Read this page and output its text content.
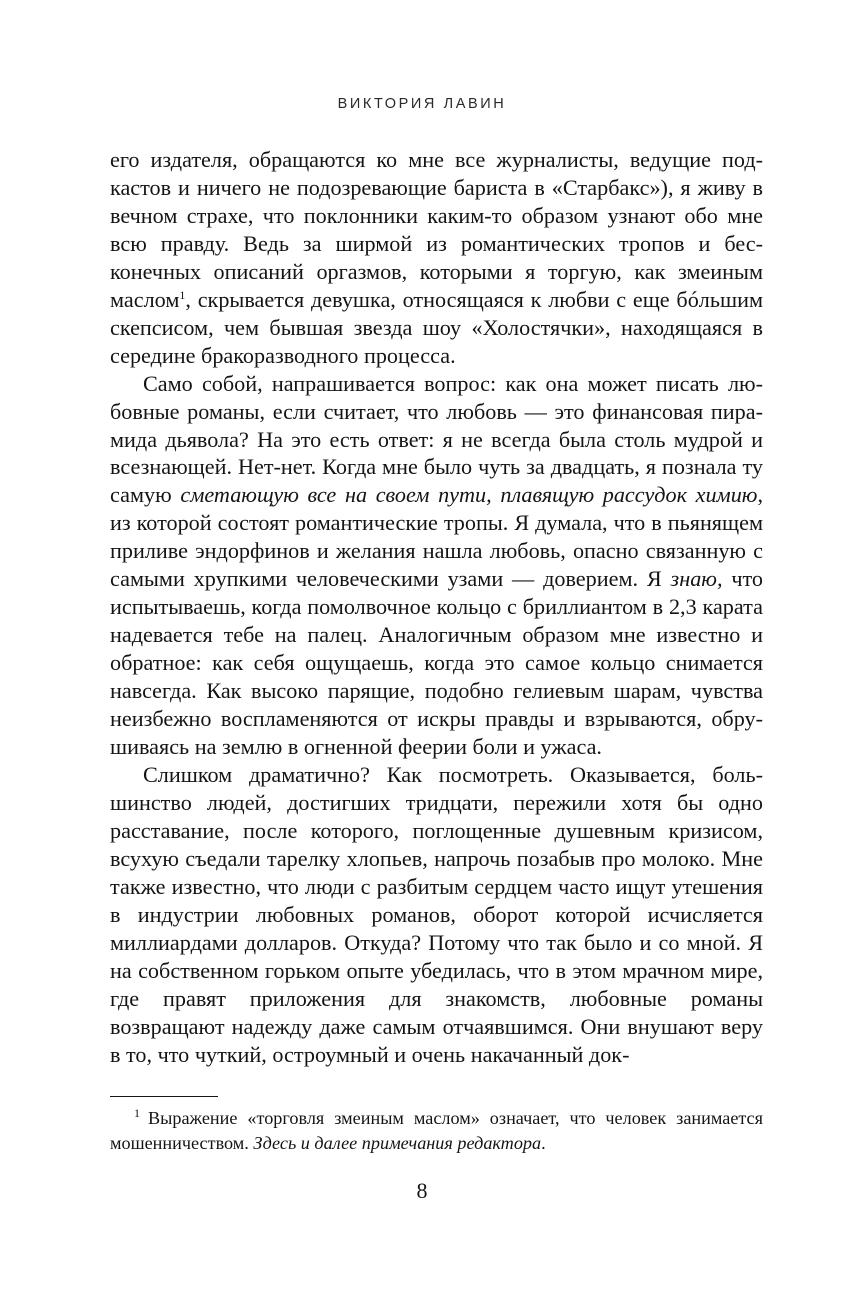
ВИКТОРИЯ ЛАВИН

его издателя, обращаются ко мне все журналисты, ведущие подкастов и ничего не подозревающие бариста в «Старбакс»), я живу в вечном страхе, что поклонники каким-то образом узнают обо мне всю правду. Ведь за ширмой из романтических тропов и бесконечных описаний оргазмов, которыми я торгую, как змеиным маслом$^1$, скрывается девушка, относящаяся к любви с еще бóльшим скепсисом, чем бывшая звезда шоу «Холостячки», находящаяся в середине бракоразводного процесса.

Само собой, напрашивается вопрос: как она может писать любовные романы, если считает, что любовь — это финансовая пирамида дьявола? На это есть ответ: я не всегда была столь мудрой и всезнающей. Нет-нет. Когда мне было чуть за двадцать, я познала ту самую сметающую все на своем пути, плавящую рассудок химию, из которой состоят романтические тропы. Я думала, что в пьянящем приливе эндорфинов и желания нашла любовь, опасно связанную с самыми хрупкими человеческими узами — доверием. Я знаю, что испытываешь, когда помолвочное кольцо с бриллиантом в 2,3 карата надевается тебе на палец. Аналогичным образом мне известно и обратное: как себя ощущаешь, когда это самое кольцо снимается навсегда. Как высоко парящие, подобно гелиевым шарам, чувства неизбежно воспламеняются от искры правды и взрываются, обрушиваясь на землю в огненной феерии боли и ужаса.

Слишком драматично? Как посмотреть. Оказывается, большинство людей, достигших тридцати, пережили хотя бы одно расставание, после которого, поглощенные душевным кризисом, всухую съедали тарелку хлопьев, напрочь позабыв про молоко. Мне также известно, что люди с разбитым сердцем часто ищут утешения в индустрии любовных романов, оборот которой исчисляется миллиардами долларов. Откуда? Потому что так было и со мной. Я на собственном горьком опыте убедилась, что в этом мрачном мире, где правят приложения для знакомств, любовные романы возвращают надежду даже самым отчаявшимся. Они внушают веру в то, что чуткий, остроумный и очень накачанный док-

$^1$ Выражение «торговля змеиным маслом» означает, что человек занимается мошенничеством. Здесь и далее примечания редактора.

8
